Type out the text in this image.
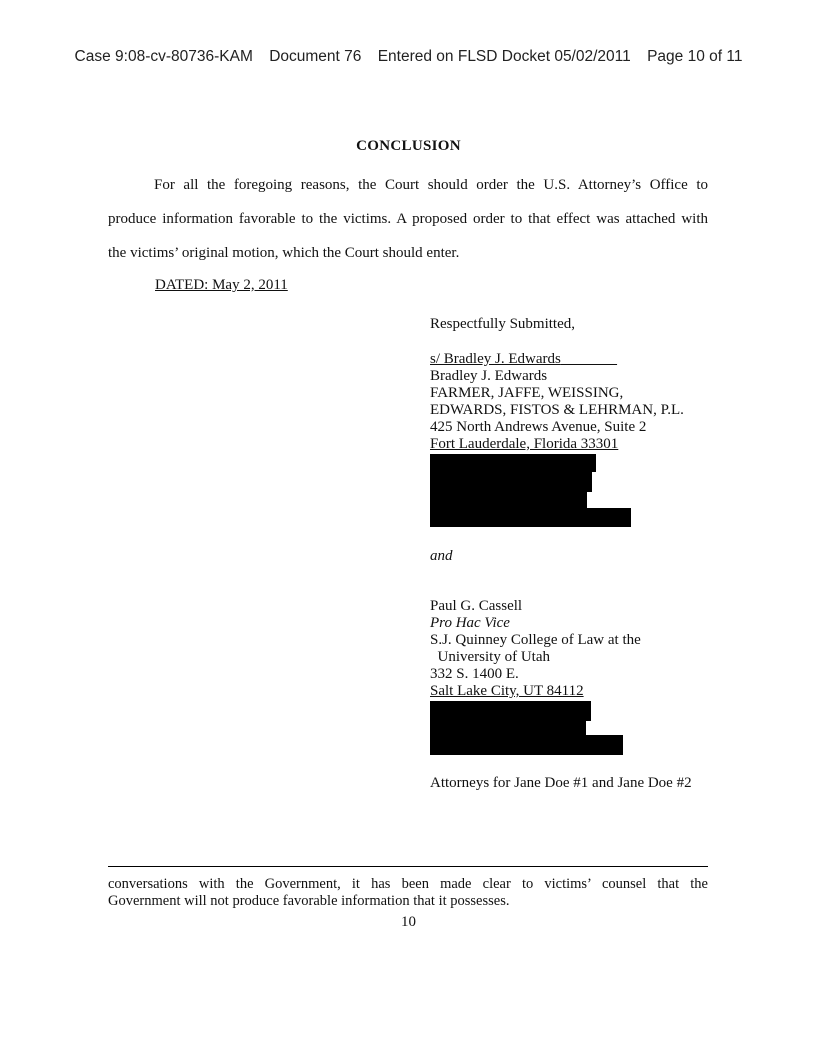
Case 9:08-cv-80736-KAM Document 76 Entered on FLSD Docket 05/02/2011 Page 10 of 11
CONCLUSION
For all the foregoing reasons, the Court should order the U.S. Attorney’s Office to
produce information favorable to the victims. A proposed order to that effect was attached with
the victims’ original motion, which the Court should enter.
DATED: May 2, 2011
Respectfully Submitted,
s/ Bradley J. Edwards
Bradley J. Edwards
FARMER, JAFFE, WEISSING,
EDWARDS, FISTOS & LEHRMAN, P.L.
425 North Andrews Avenue, Suite 2
Fort Lauderdale, Florida 33301
and
Paul G. Cassell
Pro Hac Vice
S.J. Quinney College of Law at the
University of Utah
332 S. 1400 E.
Salt Lake City, UT 84112
Attorneys for Jane Doe #1 and Jane Doe #2
conversations with the Government, it has been made clear to victims’ counsel that the
Government will not produce favorable information that it possesses.
10
